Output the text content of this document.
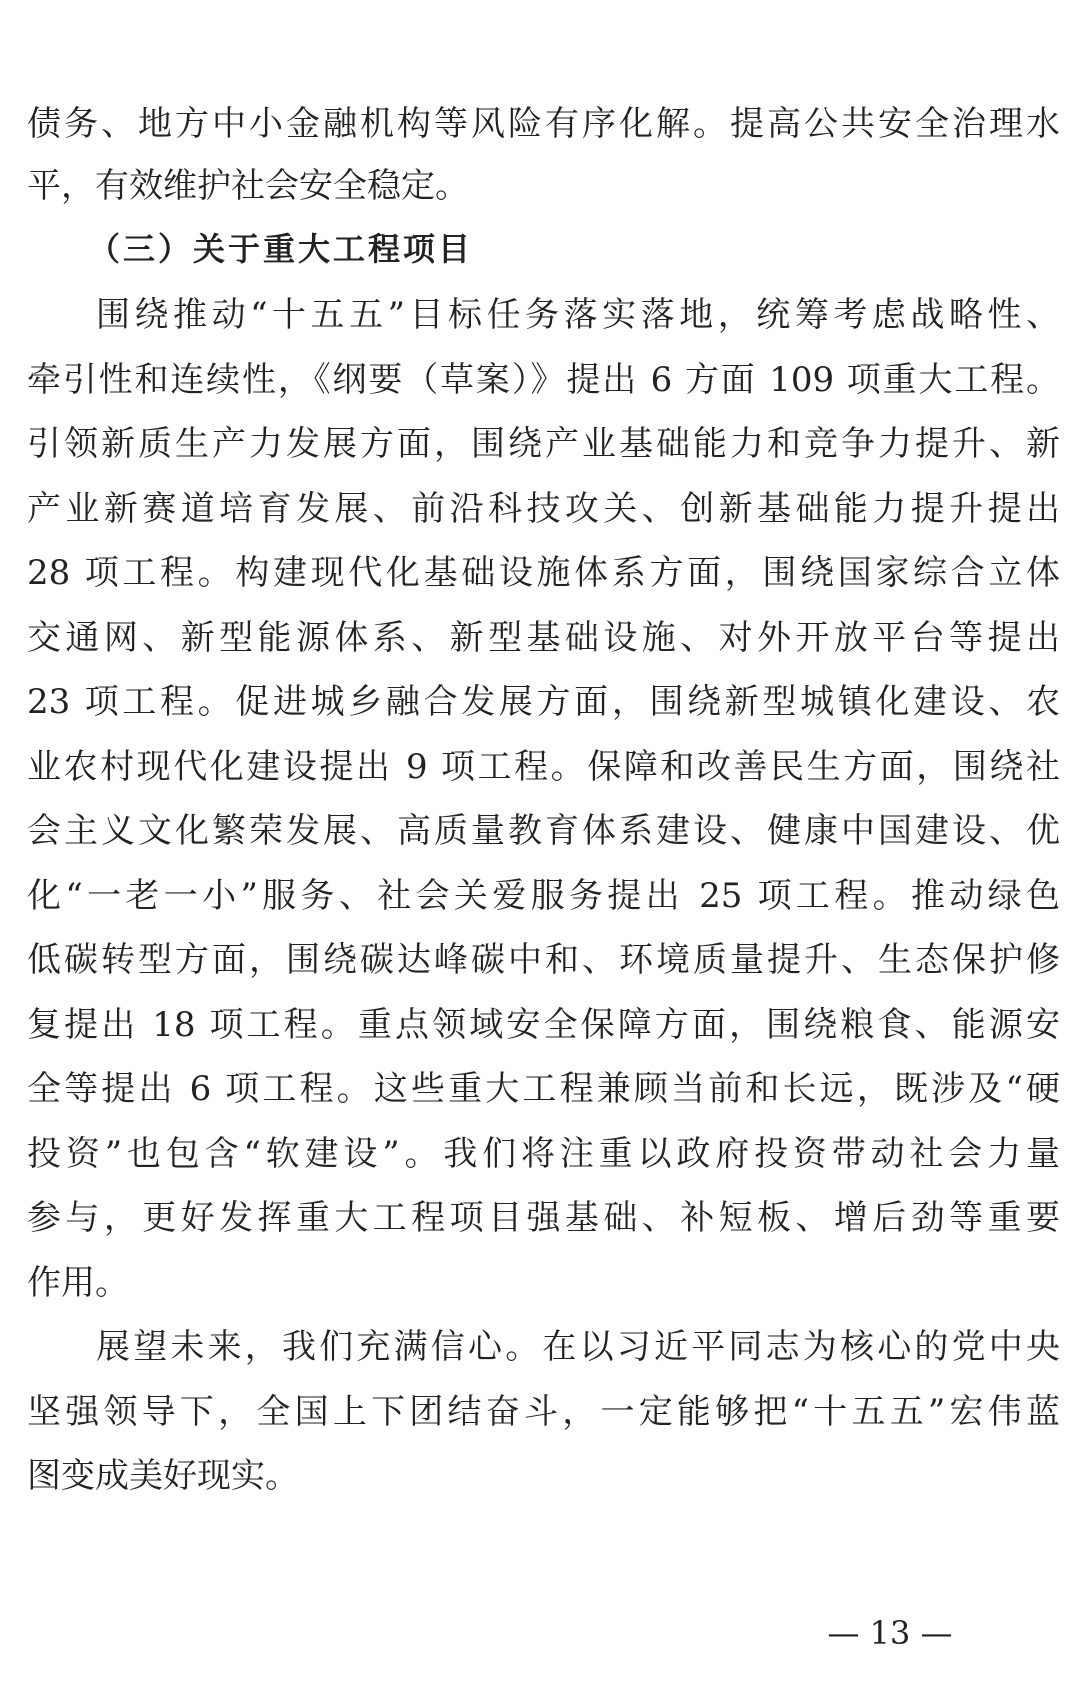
债务、地方中小金融机构等风险有序化解。提高公共安全治理水
平，有效维护社会安全稳定。
（三）关于重大工程项目
围绕推动“十五五”目标任务落实落地，统筹考虑战略性、
牵引性和连续性，《纲要（草案）》提出 6 方面 109 项重大工程。
引领新质生产力发展方面，围绕产业基础能力和竞争力提升、新
产业新赛道培育发展、前沿科技攻关、创新基础能力提升提出
28 项工程。构建现代化基础设施体系方面，围绕国家综合立体
交通网、新型能源体系、新型基础设施、对外开放平台等提出
23 项工程。促进城乡融合发展方面，围绕新型城镇化建设、农
业农村现代化建设提出 9 项工程。保障和改善民生方面，围绕社
会主义文化繁荣发展、高质量教育体系建设、健康中国建设、优
化“一老一小”服务、社会关爱服务提出 25 项工程。推动绿色
低碳转型方面，围绕碳达峰碳中和、环境质量提升、生态保护修
复提出 18 项工程。重点领域安全保障方面，围绕粮食、能源安
全等提出 6 项工程。这些重大工程兼顾当前和长远，既涉及“硬
投资”也包含“软建设”。我们将注重以政府投资带动社会力量
参与，更好发挥重大工程项目强基础、补短板、增后劲等重要
作用。
展望未来，我们充满信心。在以习近平同志为核心的党中央
坚强领导下，全国上下团结奋斗，一定能够把“十五五”宏伟蓝
图变成美好现实。
— 13 —
